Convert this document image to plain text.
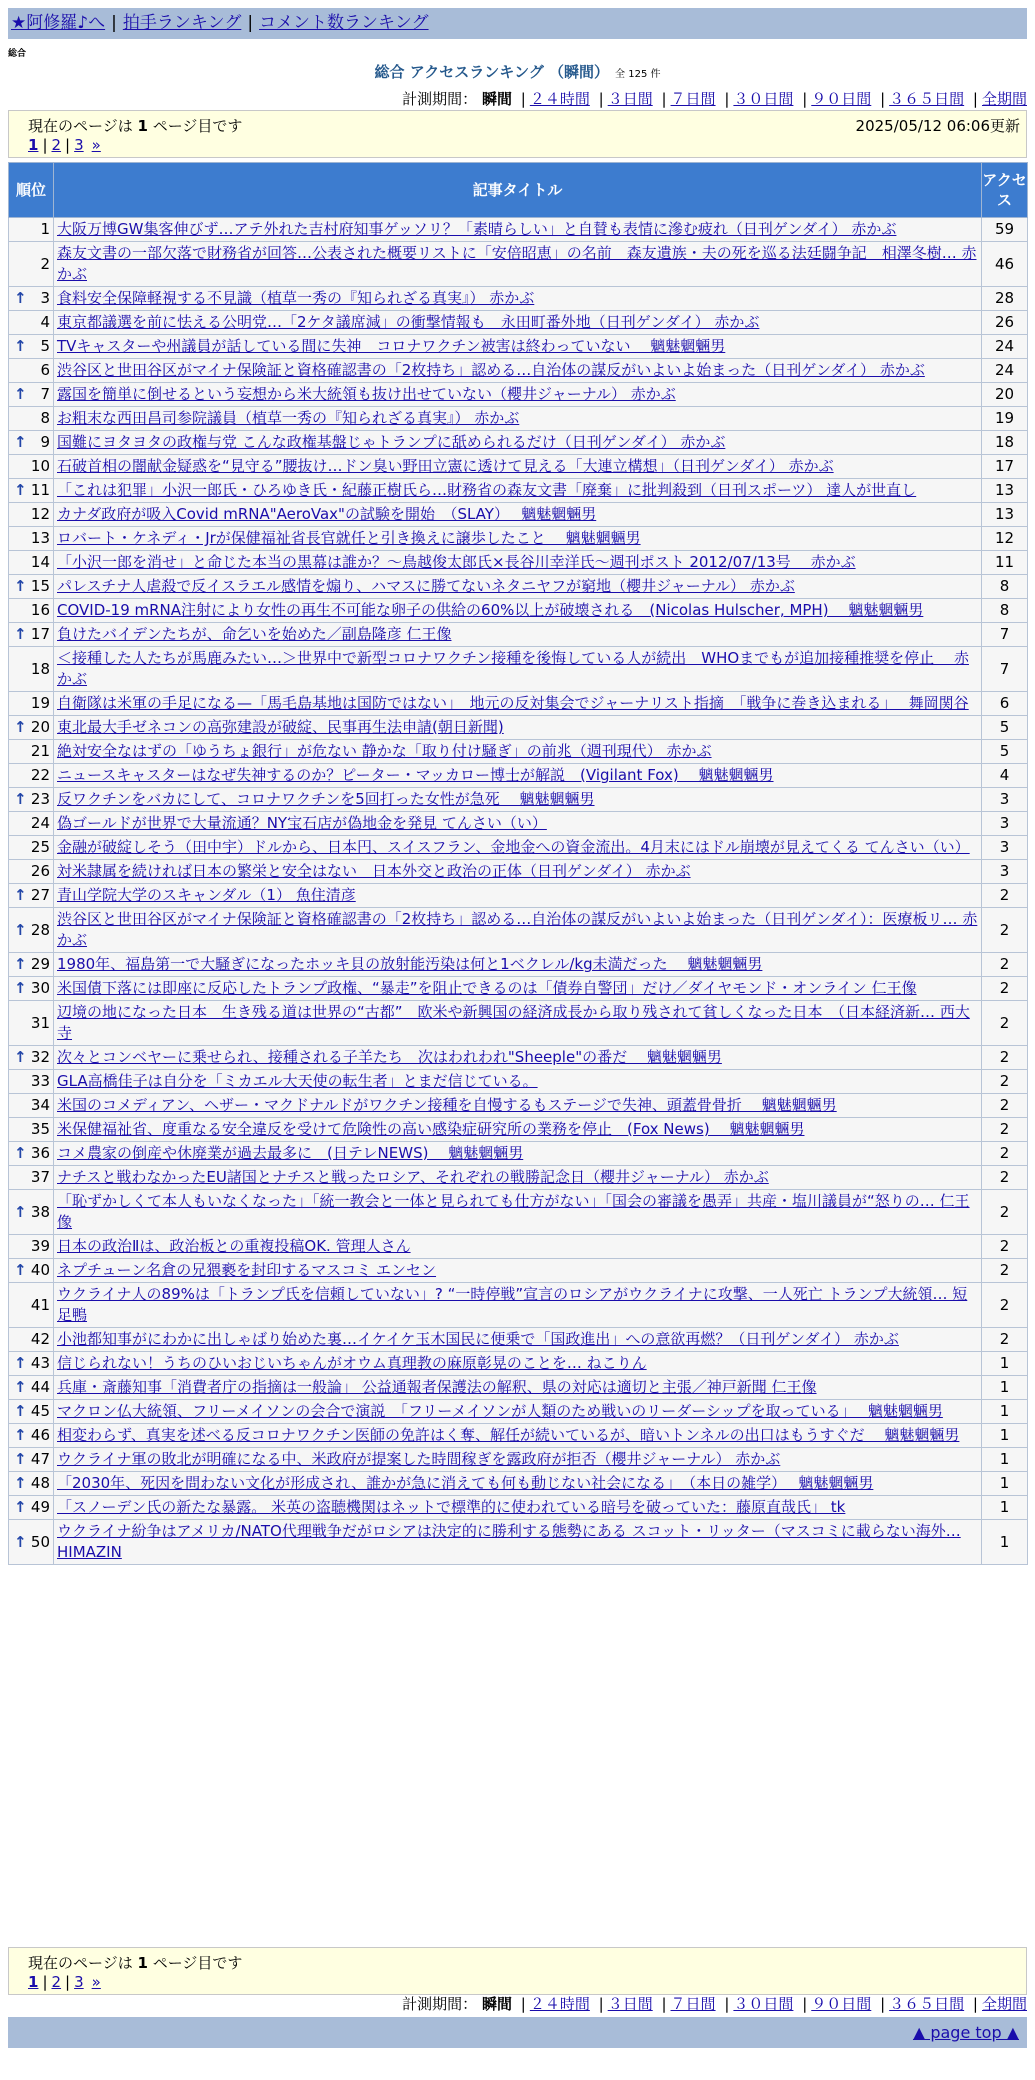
★阿修羅♪へ | 拍手ランキング | コメント数ランキング
総合
総合 アクセスランキング （瞬間） 全 125 件
計測期間： 瞬間 | ２４時間 | ３日間 | ７日間 | ３０日間 | ９０日間 | ３６５日間 | 全期間
現在のページは 1 ページ目です	2025/05/12 06:06更新
1 | 2 | 3 »
順位	記事タイトル	アクセス
1	大阪万博GW集客伸びず…アテ外れた吉村府知事ゲッソリ？「素晴らしい」と自賛も表情に滲む疲れ（日刊ゲンダイ） 赤かぶ	59
2	森友文書の一部欠落で財務省が回答…公表された概要リストに「安倍昭恵」の名前　森友遺族・夫の死を巡る法廷闘争記　相澤冬樹… 赤かぶ	46

↑ 3	食料安全保障軽視する不見識（植草一秀の『知られざる真実』） 赤かぶ	28
4	東京都議選を前に怯える公明党…「2ケタ議席減」の衝撃情報も　永田町番外地（日刊ゲンダイ） 赤かぶ	26

↑ 5	TVキャスターや州議員が話している間に失神　コロナワクチン被害は終わっていない　 魑魅魍魎男	24
6	渋谷区と世田谷区がマイナ保険証と資格確認書の「2枚持ち」認める…自治体の謀反がいよいよ始まった（日刊ゲンダイ） 赤かぶ	24

↑ 7	露国を簡単に倒せるという妄想から米大統領も抜け出せていない（櫻井ジャーナル） 赤かぶ	20
8	お粗末な西田昌司参院議員（植草一秀の『知られざる真実』） 赤かぶ	19

↑ 9	国難にヨタヨタの政権与党 こんな政権基盤じゃトランプに舐められるだけ（日刊ゲンダイ） 赤かぶ	18
10	石破首相の闇献金疑惑を“見守る”腰抜け…ドン臭い野田立憲に透けて見える「大連立構想」（日刊ゲンダイ） 赤かぶ	17

↑ 11	「これは犯罪」小沢一郎氏・ひろゆき氏・紀藤正樹氏ら…財務省の森友文書「廃棄」に批判殺到（日刊スポーツ） 達人が世直し	13
12	カナダ政府が吸入Covid mRNA"AeroVax"の試験を開始　（SLAY）　 魑魅魍魎男	13
13	ロバート・ケネディ・Jrが保健福祉省長官就任と引き換えに譲歩したこと　 魑魅魍魎男	12
14	「小沢一郎を消せ」と命じた本当の黒幕は誰か？～鳥越俊太郎氏×長谷川幸洋氏～週刊ポスト 2012/07/13号　 赤かぶ	11

↑ 15	パレスチナ人虐殺で反イスラエル感情を煽り、ハマスに勝てないネタニヤフが窮地（櫻井ジャーナル） 赤かぶ	8
16	COVID-19 mRNA注射により女性の再生不可能な卵子の供給の60%以上が破壊される　(Nicolas Hulscher, MPH)　 魑魅魍魎男	8

↑ 17	負けたバイデンたちが、命乞いを始めた／副島隆彦 仁王像	7
18	＜接種した人たちが馬鹿みたい…＞世界中で新型コロナワクチン接種を後悔している人が続出　WHOまでもが追加接種推奨を停止　 赤かぶ	7
19	自衛隊は米軍の手足になる—「馬毛島基地は国防ではない」　地元の反対集会でジャーナリスト指摘　「戦争に巻き込まれる」　 舞岡関谷	6

↑ 20	東北最大手ゼネコンの高弥建設が破綻、民事再生法申請(朝日新聞)	5
21	絶対安全なはずの「ゆうちょ銀行」が危ない 静かな「取り付け騒ぎ」の前兆（週刊現代） 赤かぶ	5
22	ニュースキャスターはなぜ失神するのか？ピーター・マッカロー博士が解説　(Vigilant Fox)　 魑魅魍魎男	4

↑ 23	反ワクチンをバカにして、コロナワクチンを5回打った女性が急死　 魑魅魍魎男	3
24	偽ゴールドが世界で大量流通？NY宝石店が偽地金を発見 てんさい（い）	3
25	金融が破綻しそう（田中宇）ドルから、日本円、スイスフラン、金地金への資金流出。4月末にはドル崩壊が見えてくる てんさい（い）	3
26	対米隷属を続ければ日本の繁栄と安全はない　日本外交と政治の正体（日刊ゲンダイ） 赤かぶ	3

↑ 27	青山学院大学のスキャンダル（1） 魚住清彦	2

↑ 28	渋谷区と世田谷区がマイナ保険証と資格確認書の「2枚持ち」認める…自治体の謀反がいよいよ始まった（日刊ゲンダイ）：医療板リ… 赤かぶ	2

↑ 29	1980年、福島第一で大騒ぎになったホッキ貝の放射能汚染は何と1ベクレル/kg未満だった　 魑魅魍魎男	2

↑ 30	米国債下落には即座に反応したトランプ政権、“暴走”を阻止できるのは「債券自警団」だけ／ダイヤモンド・オンライン 仁王像	2
31	辺境の地になった日本　生き残る道は世界の“古都”　欧米や新興国の経済成長から取り残されて貧しくなった日本　（日本経済新… 西大寺	2

↑ 32	次々とコンベヤーに乗せられ、接種される子羊たち　次はわれわれ"Sheeple"の番だ　 魑魅魍魎男	2
33	GLA高橋佳子は自分を「ミカエル大天使の転生者」とまだ信じている。	2
34	米国のコメディアン、ヘザー・マクドナルドがワクチン接種を自慢するもステージで失神、頭蓋骨骨折　 魑魅魍魎男	2
35	米保健福祉省、度重なる安全違反を受けて危険性の高い感染症研究所の業務を停止　(Fox News)　 魑魅魍魎男	2

↑ 36	コメ農家の倒産や休廃業が過去最多に　(日テレNEWS)　 魑魅魍魎男	2
37	ナチスと戦わなかったEU諸国とナチスと戦ったロシア、それぞれの戦勝記念日（櫻井ジャーナル） 赤かぶ	2

↑ 38	「恥ずかしくて本人もいなくなった」「統一教会と一体と見られても仕方がない」「国会の審議を愚弄」共産・塩川議員が“怒りの… 仁王像	2
39	日本の政治Ⅱは、政治板との重複投稿OK. 管理人さん	2

↑ 40	ネプチューン名倉の兄猥褻を封印するマスコミ エンセン	2
41	ウクライナ人の89%は「トランプ氏を信頼していない」? “一時停戦”宣言のロシアがウクライナに攻撃、一人死亡 トランプ大統領… 短足鴨	2
42	小池都知事がにわかに出しゃばり始めた裏…イケイケ玉木国民に便乗で「国政進出」への意欲再燃？（日刊ゲンダイ） 赤かぶ	2

↑ 43	信じられない！うちのひいおじいちゃんがオウム真理教の麻原彰晃のことを… ねこりん	1

↑ 44	兵庫・斎藤知事「消費者庁の指摘は一般論」 公益通報者保護法の解釈、県の対応は適切と主張／神戸新聞 仁王像	1

↑ 45	マクロン仏大統領、フリーメイソンの会合で演説　「フリーメイソンが人類のため戦いのリーダーシップを取っている」　 魑魅魍魎男	1

↑ 46	相変わらず、真実を述べる反コロナワクチン医師の免許はく奪、解任が続いているが、暗いトンネルの出口はもうすぐだ　 魑魅魍魎男	1

↑ 47	ウクライナ軍の敗北が明確になる中、米政府が提案した時間稼ぎを露政府が拒否（櫻井ジャーナル） 赤かぶ	1

↑ 48	「2030年、死因を問わない文化が形成され、誰かが急に消えても何も動じない社会になる」　（本日の雑学）　 魑魅魍魎男	1

↑ 49	「スノーデン氏の新たな暴露。 米英の盗聴機関はネットで標準的に使われている暗号を破っていた：藤原直哉氏」 tk	1

↑ 50	ウクライナ紛争はアメリカ/NATO代理戦争だがロシアは決定的に勝利する態勢にある スコット・リッター（マスコミに載らない海外… HIMAZIN	1
現在のページは 1 ページ目です
1 | 2 | 3 »
計測期間： 瞬間 | ２４時間 | ３日間 | ７日間 | ３０日間 | ９０日間 | ３６５日間 | 全期間
▲ page top ▲
